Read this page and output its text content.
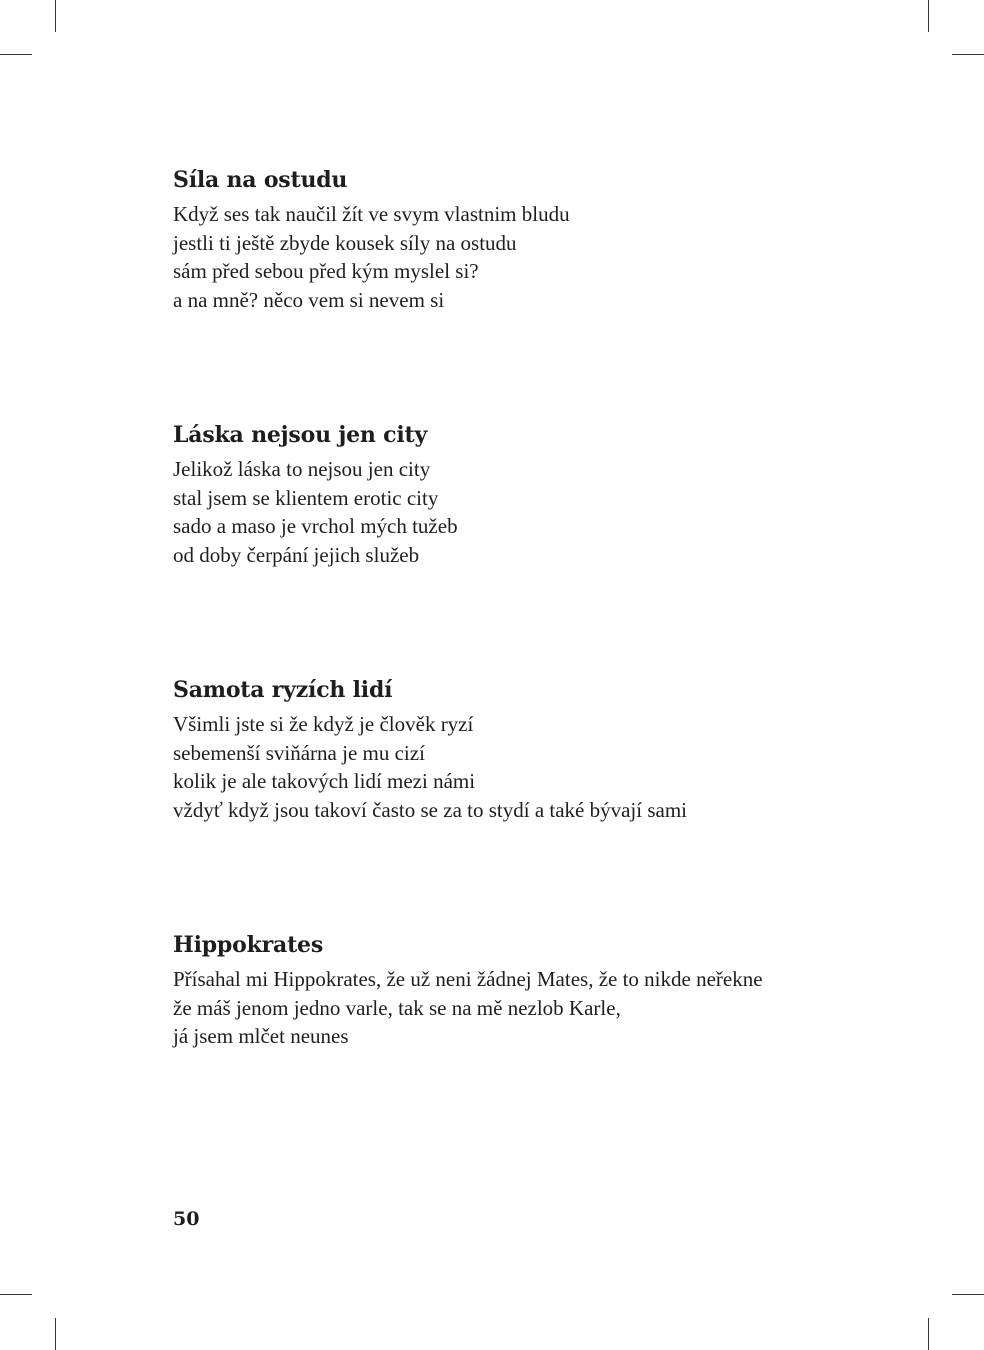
Síla na ostudu
Když ses tak naučil žít ve svym vlastnim bludu
jestli ti ještě zbyde kousek síly na ostudu
sám před sebou před kým myslel si?
a na mně? něco vem si nevem si
Láska nejsou jen city
Jelikož láska to nejsou jen city
stal jsem se klientem erotic city
sado a maso je vrchol mých tužeb
od doby čerpání jejich služeb
Samota ryzích lidí
Všimli jste si že když je člověk ryzí
sebemenší sviňárna je mu cizí
kolik je ale takových lidí mezi námi
vždyť když jsou takoví často se za to stydí a také bývají sami
Hippokrates
Přísahal mi Hippokrates, že už neni žádnej Mates, že to nikde neřekne
že máš jenom jedno varle, tak se na mě nezlob Karle,
já jsem mlčet neunes
50
